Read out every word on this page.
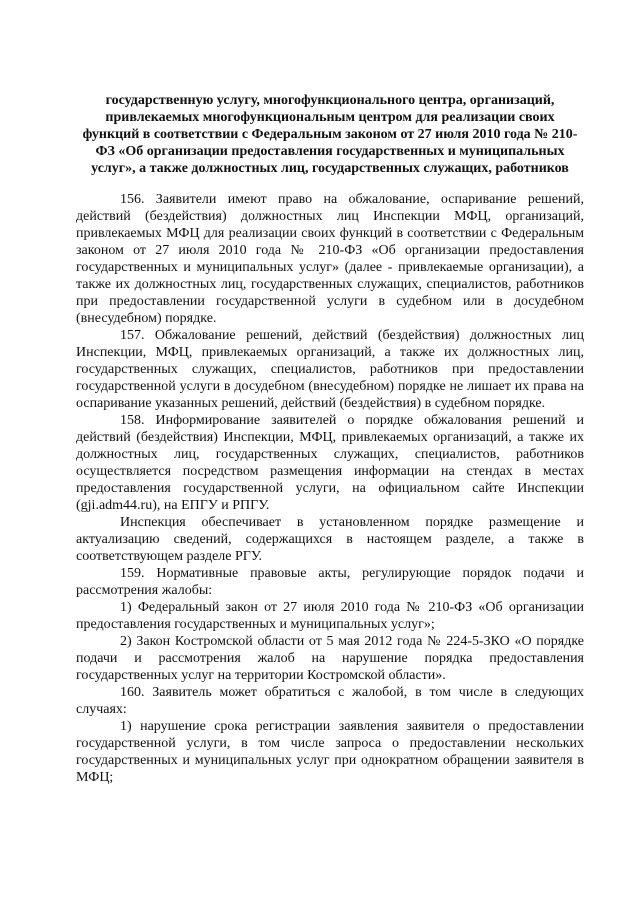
государственную услугу, многофункционального центра, организаций, привлекаемых многофункциональным центром для реализации своих функций в соответствии с Федеральным законом от 27 июля 2010 года № 210-ФЗ «Об организации предоставления государственных и муниципальных услуг», а также должностных лиц, государственных служащих, работников

156. Заявители имеют право на обжалование, оспаривание решений, действий (бездействия) должностных лиц Инспекции МФЦ, организаций, привлекаемых МФЦ для реализации своих функций в соответствии с Федеральным законом от 27 июля 2010 года № 210-ФЗ «Об организации предоставления государственных и муниципальных услуг» (далее - привлекаемые организации), а также их должностных лиц, государственных служащих, специалистов, работников при предоставлении государственной услуги в судебном или в досудебном (внесудебном) порядке.

157. Обжалование решений, действий (бездействия) должностных лиц Инспекции, МФЦ, привлекаемых организаций, а также их должностных лиц, государственных служащих, специалистов, работников при предоставлении государственной услуги в досудебном (внесудебном) порядке не лишает их права на оспаривание указанных решений, действий (бездействия) в судебном порядке.

158. Информирование заявителей о порядке обжалования решений и действий (бездействия) Инспекции, МФЦ, привлекаемых организаций, а также их должностных лиц, государственных служащих, специалистов, работников осуществляется посредством размещения информации на стендах в местах предоставления государственной услуги, на официальном сайте Инспекции (gji.adm44.ru), на ЕПГУ и РПГУ.

Инспекция обеспечивает в установленном порядке размещение и актуализацию сведений, содержащихся в настоящем разделе, а также в соответствующем разделе РГУ.

159. Нормативные правовые акты, регулирующие порядок подачи и рассмотрения жалобы:

1) Федеральный закон от 27 июля 2010 года № 210-ФЗ «Об организации предоставления государственных и муниципальных услуг»;

2) Закон Костромской области от 5 мая 2012 года № 224-5-ЗКО «О порядке подачи и рассмотрения жалоб на нарушение порядка предоставления государственных услуг на территории Костромской области».

160. Заявитель может обратиться с жалобой, в том числе в следующих случаях:

1) нарушение срока регистрации заявления заявителя о предоставлении государственной услуги, в том числе запроса о предоставлении нескольких государственных и муниципальных услуг при однократном обращении заявителя в МФЦ;
